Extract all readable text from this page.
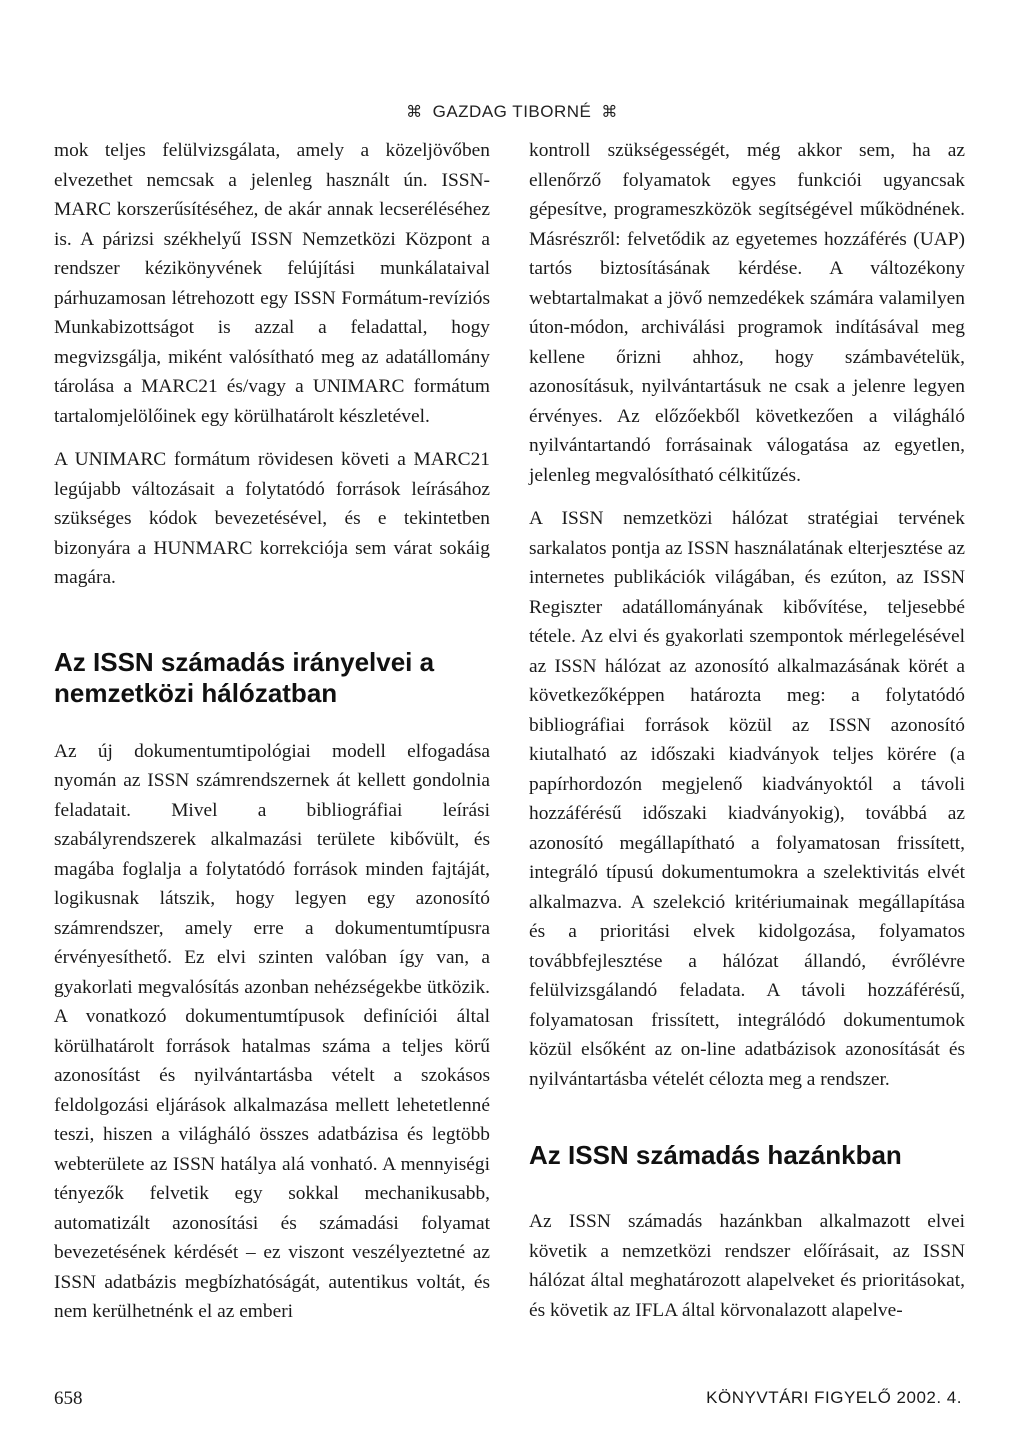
⌘ GAZDAG TIBORNÉ ⌘

mok teljes felülvizsgálata, amely a közeljövőben elvezethet nemcsak a jelenleg használt ún. ISSN-MARC korszerűsítéséhez, de akár annak lecseréléséhez is. A párizsi székhelyű ISSN Nemzetközi Központ a rendszer kézikönyvének felújítási munkálataival párhuzamosan létrehozott egy ISSN Formátum-revíziós Munkabizottságot is azzal a feladattal, hogy megvizsgálja, miként valósítható meg az adatállomány tárolása a MARC21 és/vagy a UNIMARC formátum tartalomjelölőinek egy körülhatárolt készletével.

A UNIMARC formátum rövidesen követi a MARC21 legújabb változásait a folytatódó források leírásához szükséges kódok bevezetésével, és e tekintetben bizonyára a HUNMARC korrekciója sem várat sokáig magára.

Az ISSN számadás irányelvei a nemzetközi hálózatban

Az új dokumentumtipológiai modell elfogadása nyomán az ISSN számrendszernek át kellett gondolnia feladatait. Mivel a bibliográfiai leírási szabályrendszerek alkalmazási területe kibővült, és magába foglalja a folytatódó források minden fajtáját, logikusnak látszik, hogy legyen egy azonosító számrendszer, amely erre a dokumentumtípusra érvényesíthető. Ez elvi szinten valóban így van, a gyakorlati megvalósítás azonban nehézségekbe ütközik. A vonatkozó dokumentumtípusok definíciói által körülhatárolt források hatalmas száma a teljes körű azonosítást és nyilvántartásba vételt a szokásos feldolgozási eljárások alkalmazása mellett lehetetlenné teszi, hiszen a világháló összes adatbázisa és legtöbb webterülete az ISSN hatálya alá vonható. A mennyiségi tényezők felvetik egy sokkal mechanikusabb, automatizált azonosítási és számadási folyamat bevezetésének kérdését – ez viszont veszélyeztetné az ISSN adatbázis megbízhatóságát, autentikus voltát, és nem kerülhetnénk el az emberi

kontroll szükségességét, még akkor sem, ha az ellenőrző folyamatok egyes funkciói ugyancsak gépesítve, programeszközök segítségével működnének. Másrészről: felvetődik az egyetemes hozzáférés (UAP) tartós biztosításának kérdése. A változékony webtartalmakat a jövő nemzedékek számára valamilyen úton-módon, archiválási programok indításával meg kellene őrizni ahhoz, hogy számbavételük, azonosításuk, nyilvántartásuk ne csak a jelenre legyen érvényes. Az előzőekből következően a világháló nyilvántartandó forrásainak válogatása az egyetlen, jelenleg megvalósítható célkitűzés.

A ISSN nemzetközi hálózat stratégiai tervének sarkalatos pontja az ISSN használatának elterjesztése az internetes publikációk világában, és ezúton, az ISSN Regiszter adatállományának kibővítése, teljesebbé tétele. Az elvi és gyakorlati szempontok mérlegelésével az ISSN hálózat az azonosító alkalmazásának körét a következőképpen határozta meg: a folytatódó bibliográfiai források közül az ISSN azonosító kiutalható az időszaki kiadványok teljes körére (a papírhordozón megjelenő kiadványoktól a távoli hozzáférésű időszaki kiadványokig), továbbá az azonosító megállapítható a folyamatosan frissített, integráló típusú dokumentumokra a szelektivitás elvét alkalmazva. A szelekció kritériumainak megállapítása és a prioritási elvek kidolgozása, folyamatos továbbfejlesztése a hálózat állandó, évrőlévre felülvizsgálandó feladata. A távoli hozzáférésű, folyamatosan frissített, integrálódó dokumentumok közül elsőként az on-line adatbázisok azonosítását és nyilvántartásba vételét célozta meg a rendszer.

Az ISSN számadás hazánkban

Az ISSN számadás hazánkban alkalmazott elvei követik a nemzetközi rendszer előírásait, az ISSN hálózat által meghatározott alapelveket és prioritásokat, és követik az IFLA által körvonalazott alapelve-

658	KÖNYVTÁRI FIGYELŐ 2002. 4.
